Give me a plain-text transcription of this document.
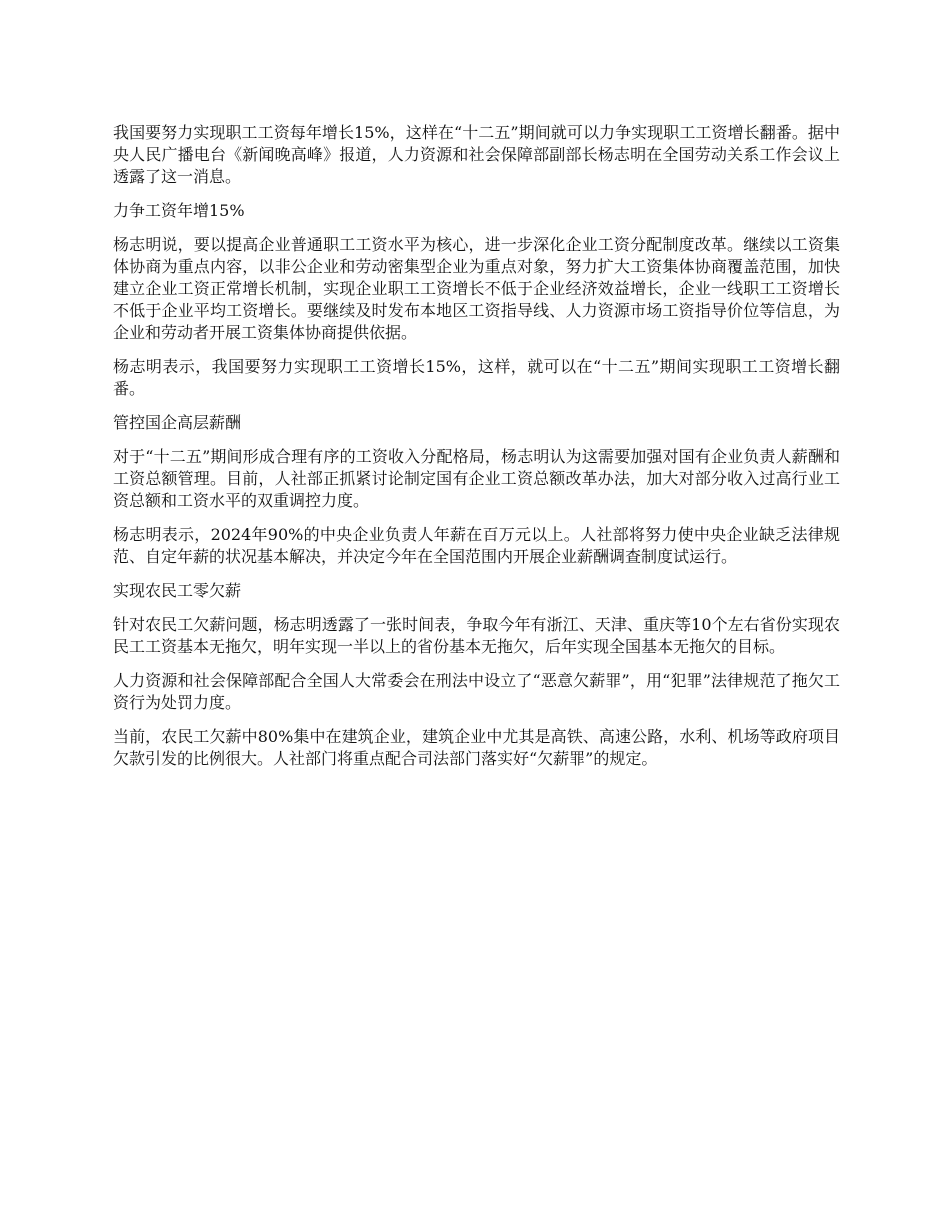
我国要努力实现职工工资每年增长15%，这样在“十二五”期间就可以力争实现职工工资增长翻番。据中央人民广播电台《新闻晚高峰》报道，人力资源和社会保障部副部长杨志明在全国劳动关系工作会议上透露了这一消息。

力争工资年增15%

杨志明说，要以提高企业普通职工工资水平为核心，进一步深化企业工资分配制度改革。继续以工资集体协商为重点内容，以非公企业和劳动密集型企业为重点对象，努力扩大工资集体协商覆盖范围，加快建立企业工资正常增长机制，实现企业职工工资增长不低于企业经济效益增长，企业一线职工工资增长不低于企业平均工资增长。要继续及时发布本地区工资指导线、人力资源市场工资指导价位等信息，为企业和劳动者开展工资集体协商提供依据。

杨志明表示，我国要努力实现职工工资增长15%，这样，就可以在“十二五”期间实现职工工资增长翻番。

管控国企高层薪酬

对于“十二五”期间形成合理有序的工资收入分配格局，杨志明认为这需要加强对国有企业负责人薪酬和工资总额管理。目前，人社部正抓紧讨论制定国有企业工资总额改革办法，加大对部分收入过高行业工资总额和工资水平的双重调控力度。

杨志明表示，2024年90%的中央企业负责人年薪在百万元以上。人社部将努力使中央企业缺乏法律规范、自定年薪的状况基本解决，并决定今年在全国范围内开展企业薪酬调查制度试运行。

实现农民工零欠薪

针对农民工欠薪问题，杨志明透露了一张时间表，争取今年有浙江、天津、重庆等10个左右省份实现农民工工资基本无拖欠，明年实现一半以上的省份基本无拖欠，后年实现全国基本无拖欠的目标。

人力资源和社会保障部配合全国人大常委会在刑法中设立了“恶意欠薪罪”，用“犯罪”法律规范了拖欠工资行为处罚力度。

当前，农民工欠薪中80%集中在建筑企业，建筑企业中尤其是高铁、高速公路，水利、机场等政府项目欠款引发的比例很大。人社部门将重点配合司法部门落实好“欠薪罪”的规定。
